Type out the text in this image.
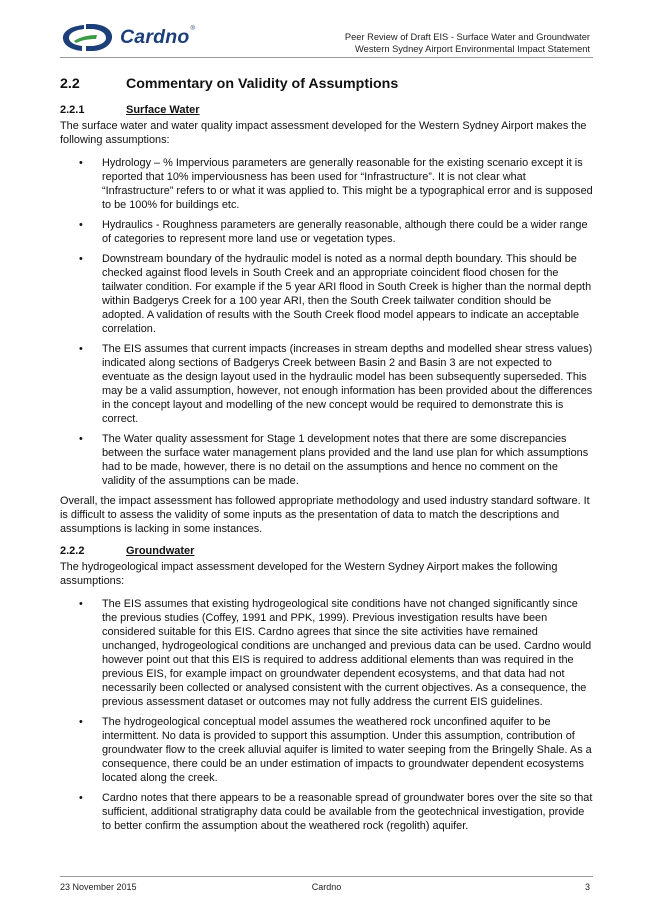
Cardno ®
Peer Review of Draft EIS - Surface Water and Groundwater
Western Sydney Airport Environmental Impact Statement
2.2	Commentary on Validity of Assumptions
2.2.1	Surface Water

The surface water and water quality impact assessment developed for the Western Sydney Airport makes the following assumptions:

• Hydrology – % Impervious parameters are generally reasonable for the existing scenario except it is reported that 10% imperviousness has been used for “Infrastructure”. It is not clear what “Infrastructure” refers to or what it was applied to. This might be a typographical error and is supposed to be 100% for buildings etc.
• Hydraulics - Roughness parameters are generally reasonable, although there could be a wider range of categories to represent more land use or vegetation types.
• Downstream boundary of the hydraulic model is noted as a normal depth boundary. This should be checked against flood levels in South Creek and an appropriate coincident flood chosen for the tailwater condition. For example if the 5 year ARI flood in South Creek is higher than the normal depth within Badgerys Creek for a 100 year ARI, then the South Creek tailwater condition should be adopted. A validation of results with the South Creek flood model appears to indicate an acceptable correlation.
• The EIS assumes that current impacts (increases in stream depths and modelled shear stress values) indicated along sections of Badgerys Creek between Basin 2 and Basin 3 are not expected to eventuate as the design layout used in the hydraulic model has been subsequently superseded. This may be a valid assumption, however, not enough information has been provided about the differences in the concept layout and modelling of the new concept would be required to demonstrate this is correct.
• The Water quality assessment for Stage 1 development notes that there are some discrepancies between the surface water management plans provided and the land use plan for which assumptions had to be made, however, there is no detail on the assumptions and hence no comment on the validity of the assumptions can be made.

Overall, the impact assessment has followed appropriate methodology and used industry standard software. It is difficult to assess the validity of some inputs as the presentation of data to match the descriptions and assumptions is lacking in some instances.

2.2.2	Groundwater

The hydrogeological impact assessment developed for the Western Sydney Airport makes the following assumptions:

• The EIS assumes that existing hydrogeological site conditions have not changed significantly since the previous studies (Coffey, 1991 and PPK, 1999). Previous investigation results have been considered suitable for this EIS. Cardno agrees that since the site activities have remained unchanged, hydrogeological conditions are unchanged and previous data can be used. Cardno would however point out that this EIS is required to address additional elements than was required in the previous EIS, for example impact on groundwater dependent ecosystems, and that data had not necessarily been collected or analysed consistent with the current objectives. As a consequence, the previous assessment dataset or outcomes may not fully address the current EIS guidelines.
• The hydrogeological conceptual model assumes the weathered rock unconfined aquifer to be intermittent. No data is provided to support this assumption. Under this assumption, contribution of groundwater flow to the creek alluvial aquifer is limited to water seeping from the Bringelly Shale. As a consequence, there could be an under estimation of impacts to groundwater dependent ecosystems located along the creek.
• Cardno notes that there appears to be a reasonable spread of groundwater bores over the site so that sufficient, additional stratigraphy data could be available from the geotechnical investigation, provide to better confirm the assumption about the weathered rock (regolith) aquifer.
23 November 2015	Cardno	3
